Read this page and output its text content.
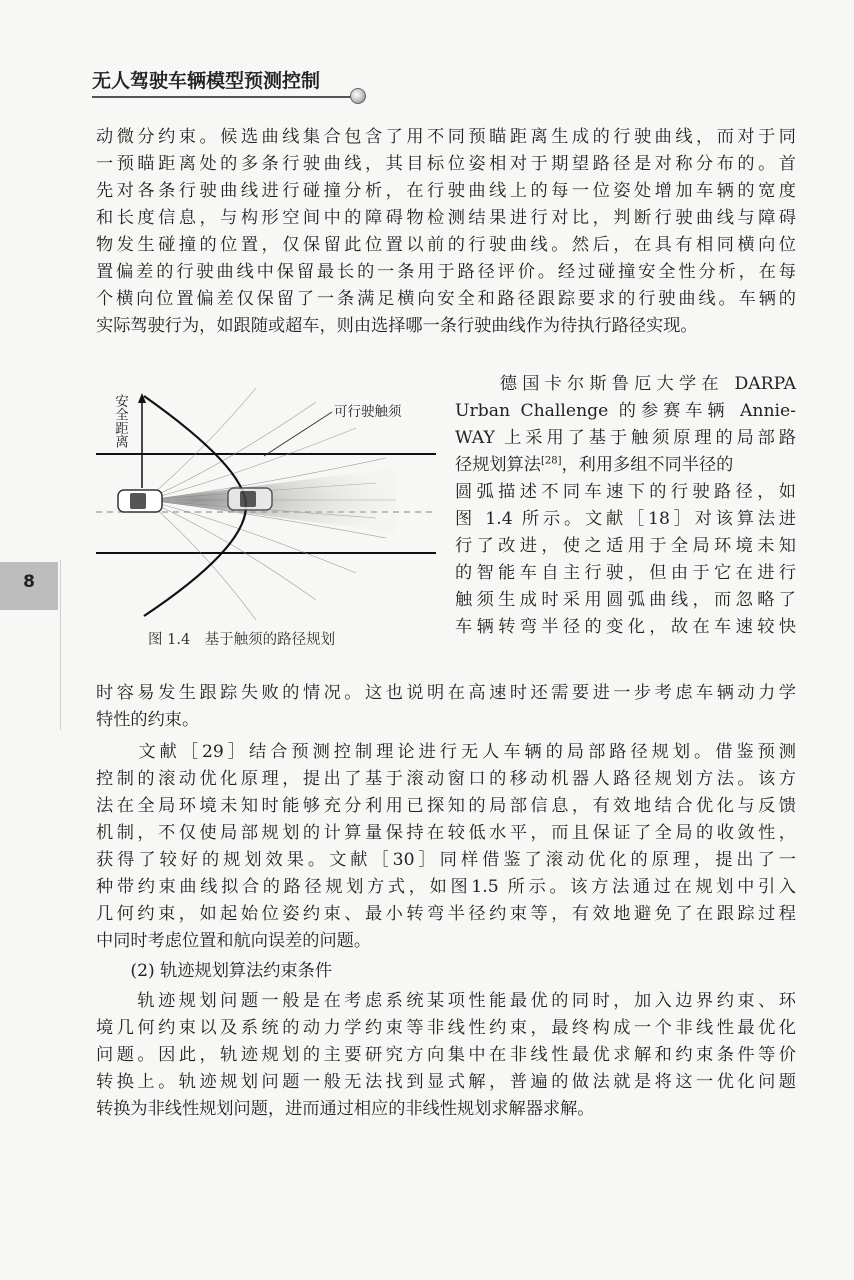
无人驾驶车辆模型预测控制
8

动微分约束。候选曲线集合包含了用不同预瞄距离生成的行驶曲线，而对于同

一预瞄距离处的多条行驶曲线，其目标位姿相对于期望路径是对称分布的。首

先对各条行驶曲线进行碰撞分析，在行驶曲线上的每一位姿处增加车辆的宽度

和长度信息，与构形空间中的障碍物检测结果进行对比，判断行驶曲线与障碍

物发生碰撞的位置，仅保留此位置以前的行驶曲线。然后，在具有相同横向位

置偏差的行驶曲线中保留最长的一条用于路径评价。经过碰撞安全性分析，在每

个横向位置偏差仅保留了一条满足横向安全和路径跟踪要求的行驶曲线。车辆的

实际驾驶行为，如跟随或超车，则由选择哪一条行驶曲线作为待执行路径实现。

可行驶触须
安全距离
图 1.4　基于触须的路径规划

　　德国卡尔斯鲁厄大学在 DARPA

Urban Challenge 的参赛车辆 Annie-

WAY 上采用了基于触须原理的局部路

径规划算法[28]，利用多组不同半径的

圆弧描述不同车速下的行驶路径，如

图 1.4 所示。文献［18］对该算法进

行了改进，使之适用于全局环境未知

的智能车自主行驶，但由于它在进行

触须生成时采用圆弧曲线，而忽略了

车辆转弯半径的变化，故在车速较快

时容易发生跟踪失败的情况。这也说明在高速时还需要进一步考虑车辆动力学

特性的约束。

　　文献［29］结合预测控制理论进行无人车辆的局部路径规划。借鉴预测

控制的滚动优化原理，提出了基于滚动窗口的移动机器人路径规划方法。该方

法在全局环境未知时能够充分利用已探知的局部信息，有效地结合优化与反馈

机制，不仅使局部规划的计算量保持在较低水平，而且保证了全局的收敛性，

获得了较好的规划效果。文献［30］同样借鉴了滚动优化的原理，提出了一

种带约束曲线拟合的路径规划方式，如图1.5 所示。该方法通过在规划中引入

几何约束，如起始位姿约束、最小转弯半径约束等，有效地避免了在跟踪过程

中同时考虑位置和航向误差的问题。

　　(2) 轨迹规划算法约束条件

　　轨迹规划问题一般是在考虑系统某项性能最优的同时，加入边界约束、环

境几何约束以及系统的动力学约束等非线性约束，最终构成一个非线性最优化

问题。因此，轨迹规划的主要研究方向集中在非线性最优求解和约束条件等价

转换上。轨迹规划问题一般无法找到显式解，普遍的做法就是将这一优化问题

转换为非线性规划问题，进而通过相应的非线性规划求解器求解。
